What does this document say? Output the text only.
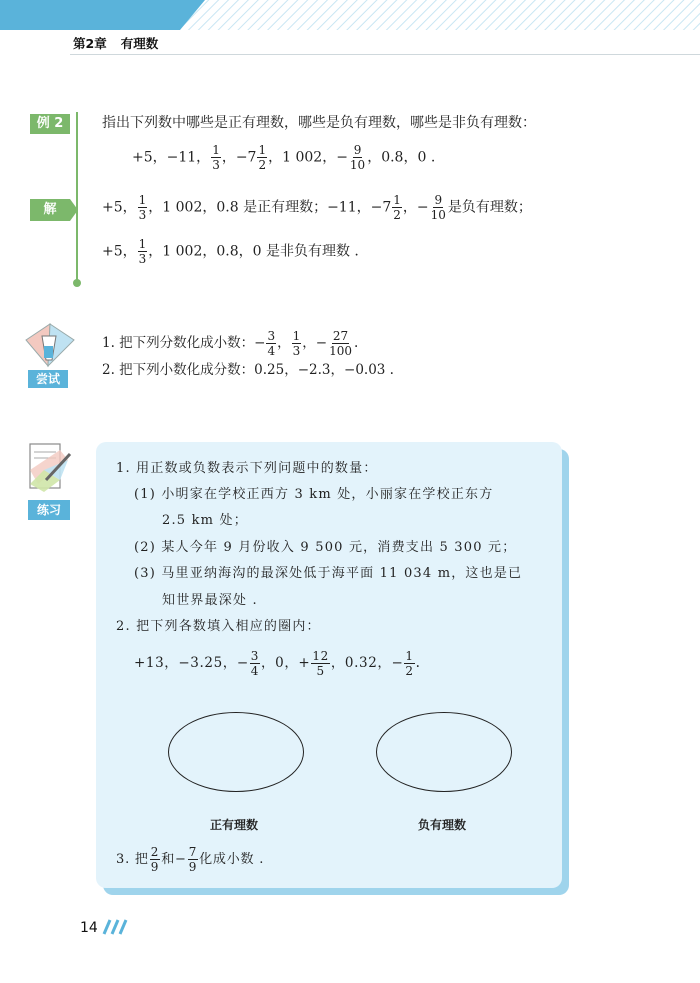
第2章 有理数
例 2	指出下列数中哪些是正有理数，哪些是负有理数，哪些是非负有理数：
+5，−11， $\frac{1}{3}$ ，$-7 \frac{1}{2}$ ，1 002，− $\frac{9}{10}$ ，0.8，0 .
解	+5， $\frac{1}{3}$ ，1 002，0.8 是正有理数；−11，$-7 \frac{1}{2}$ ，− $\frac{9}{10}$ 是负有理数；
+5， $\frac{1}{3}$ ，1 002，0.8，0 是非负有理数 .
尝试
1. 把下列分数化成小数：− $\frac{3}{4}$ ， $\frac{1}{3}$ ，− $\frac{27}{100}$ .
2. 把下列小数化成分数：0.25，−2.3，−0.03 .
练习
1. 用正数或负数表示下列问题中的数量：
(1) 小明家在学校正西方 3 km 处，小丽家在学校正东方
2.5 km 处；
(2) 某人今年 9 月份收入 9 500 元，消费支出 5 300 元；
(3) 马里亚纳海沟的最深处低于海平面 11 034 m，这也是已
知世界最深处 .
2. 把下列各数填入相应的圈内：
+13，−3.25，− $\frac{3}{4}$ ，0，+ $\frac{12}{5}$ ，0.32，− $\frac{1}{2}$ .
正有理数	负有理数
3. 把 $\frac{2}{9}$ 和− $\frac{7}{9}$ 化成小数 .
14
